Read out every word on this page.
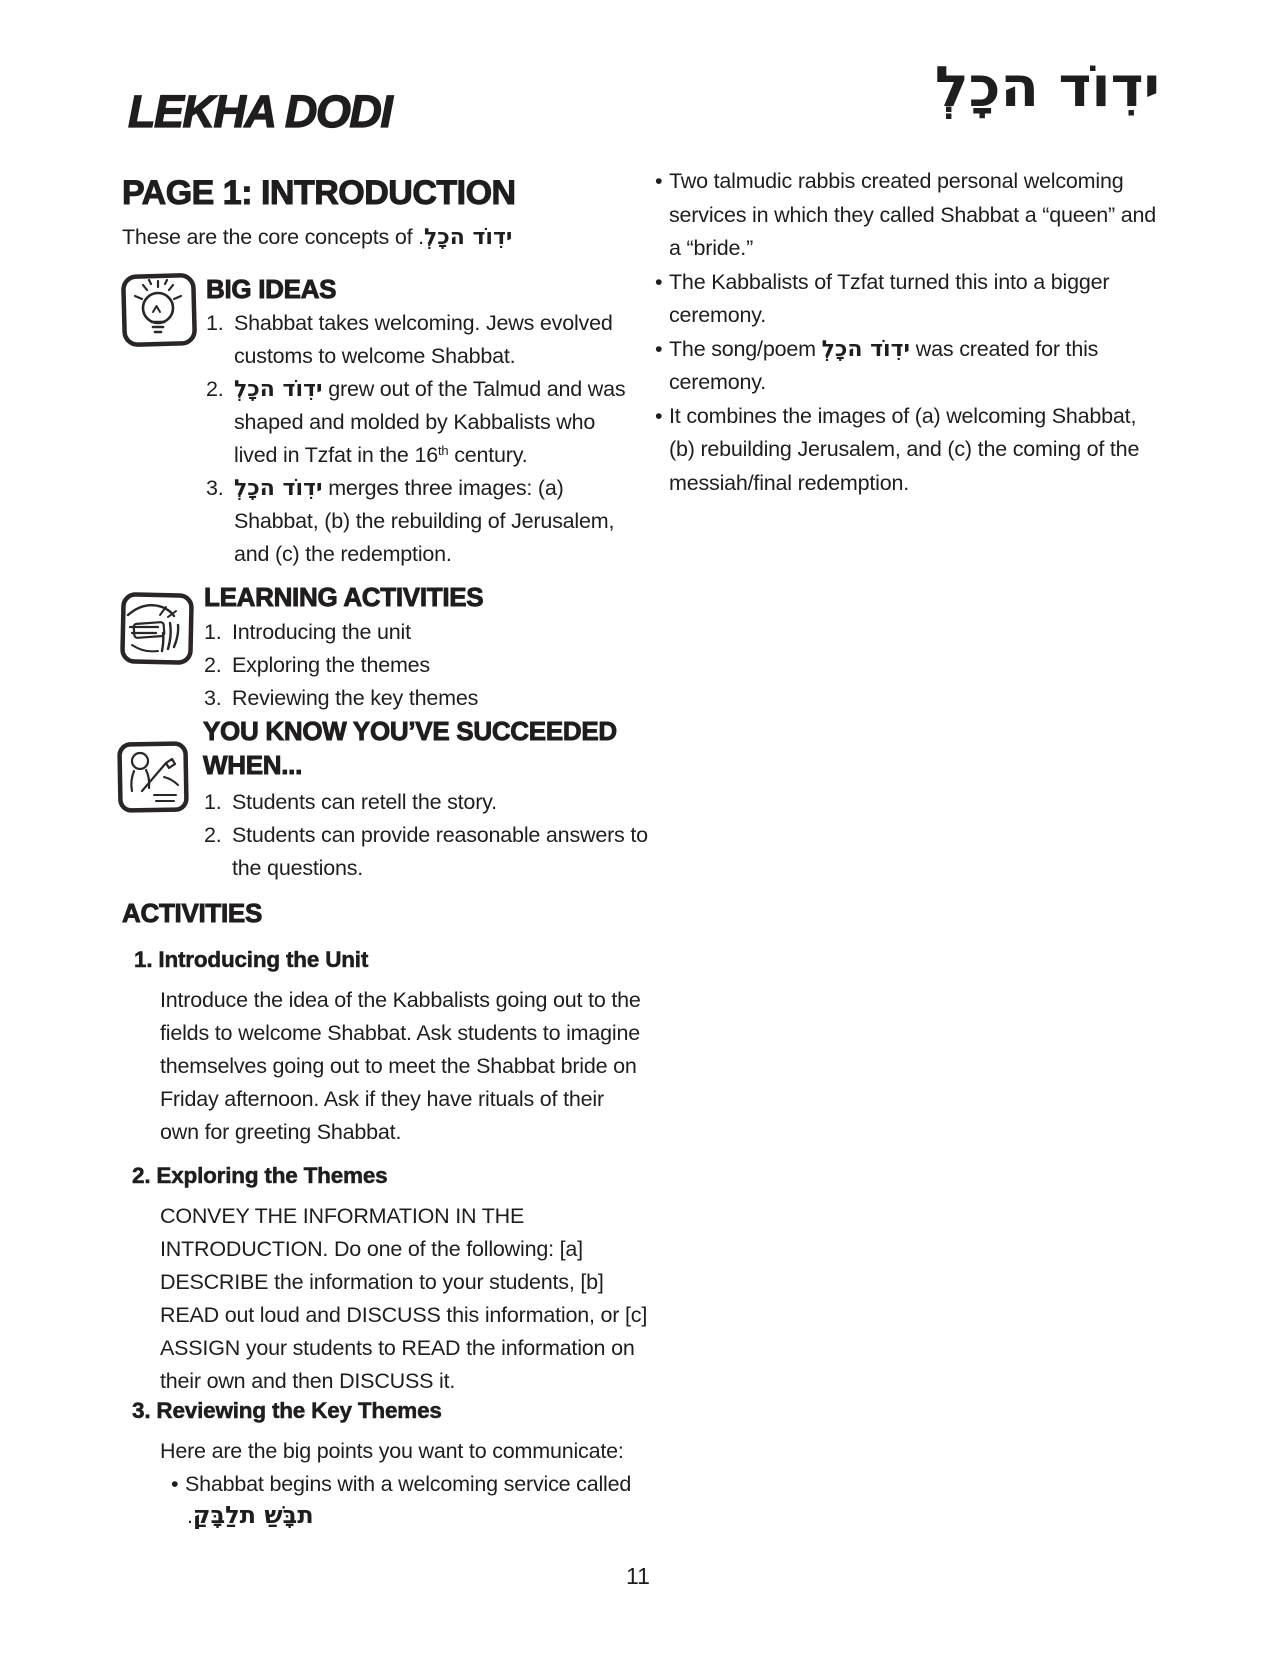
LEKHA DODI	לְכָה דוֹדִי
PAGE 1: INTRODUCTION
These are the core concepts of .לְכָה דוֹדִי
BIG IDEAS
1. Shabbat takes welcoming. Jews evolved customs to welcome Shabbat.
2. לְכָה דוֹדִי grew out of the Talmud and was shaped and molded by Kabbalists who lived in Tzfat in the 16th century.
3. לְכָה דוֹדִי merges three images: (a) Shabbat, (b) the rebuilding of Jerusalem, and (c) the redemption.
LEARNING ACTIVITIES
1. Introducing the unit
2. Exploring the themes
3. Reviewing the key themes
YOU KNOW YOU’VE SUCCEEDED
WHEN...
1. Students can retell the story.
2. Students can provide reasonable answers to the questions.
ACTIVITIES
1. Introducing the Unit
Introduce the idea of the Kabbalists going out to the fields to welcome Shabbat. Ask students to imagine themselves going out to meet the Shabbat bride on Friday afternoon. Ask if they have rituals of their own for greeting Shabbat.
2. Exploring the Themes
CONVEY THE INFORMATION IN THE INTRODUCTION. Do one of the following: [a] DESCRIBE the information to your students, [b] READ out loud and DISCUSS this information, or [c] ASSIGN your students to READ the information on their own and then DISCUSS it.
3. Reviewing the Key Themes
Here are the big points you want to communicate:
• Shabbat begins with a welcoming service called
.קַבָּלַת שַׁבָּת

• Two talmudic rabbis created personal welcoming services in which they called Shabbat a “queen” and a “bride.”

• The Kabbalists of Tzfat turned this into a bigger ceremony.

• The song/poem לְכָה דוֹדִי was created for this ceremony.

• It combines the images of (a) welcoming Shabbat, (b) rebuilding Jerusalem, and (c) the coming of the messiah/final redemption.

11
